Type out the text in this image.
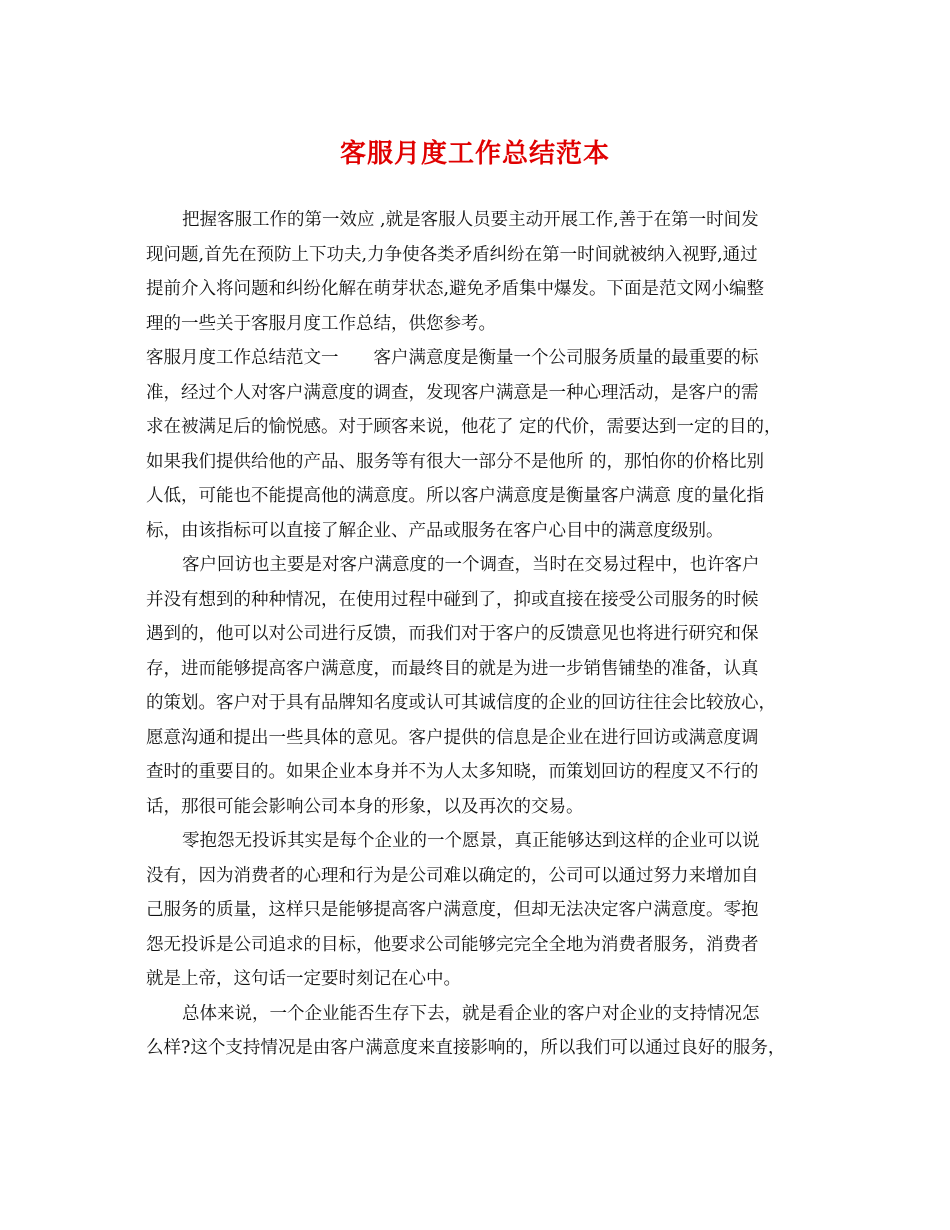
客服月度工作总结范本
把握客服工作的第一效应 ,就是客服人员要主动开展工作,善于在第一时间发
现问题,首先在预防上下功夫,力争使各类矛盾纠纷在第一时间就被纳入视野,通过
提前介入将问题和纠纷化解在萌芽状态,避免矛盾集中爆发。下面是范文网小编整
理的一些关于客服月度工作总结，供您参考。
客服月度工作总结范文一　　客户满意度是衡量一个公司服务质量的最重要的标
准，经过个人对客户满意度的调查，发现客户满意是一种心理活动，是客户的需
求在被满足后的愉悦感。对于顾客来说，他花了 定的代价，需要达到一定的目的，
如果我们提供给他的产品、服务等有很大一部分不是他所 的，那怕你的价格比别
人低，可能也不能提高他的满意度。所以客户满意度是衡量客户满意 度的量化指
标，由该指标可以直接了解企业、产品或服务在客户心目中的满意度级别。
客户回访也主要是对客户满意度的一个调查，当时在交易过程中，也许客户
并没有想到的种种情况，在使用过程中碰到了，抑或直接在接受公司服务的时候
遇到的，他可以对公司进行反馈，而我们对于客户的反馈意见也将进行研究和保
存，进而能够提高客户满意度，而最终目的就是为进一步销售铺垫的准备，认真
的策划。客户对于具有品牌知名度或认可其诚信度的企业的回访往往会比较放心，
愿意沟通和提出一些具体的意见。客户提供的信息是企业在进行回访或满意度调
查时的重要目的。如果企业本身并不为人太多知晓，而策划回访的程度又不行的
话，那很可能会影响公司本身的形象，以及再次的交易。
零抱怨无投诉其实是每个企业的一个愿景，真正能够达到这样的企业可以说
没有，因为消费者的心理和行为是公司难以确定的，公司可以通过努力来增加自
己服务的质量，这样只是能够提高客户满意度，但却无法决定客户满意度。零抱
怨无投诉是公司追求的目标，他要求公司能够完完全全地为消费者服务，消费者
就是上帝，这句话一定要时刻记在心中。
总体来说，一个企业能否生存下去，就是看企业的客户对企业的支持情况怎
么样?这个支持情况是由客户满意度来直接影响的，所以我们可以通过良好的服务，
